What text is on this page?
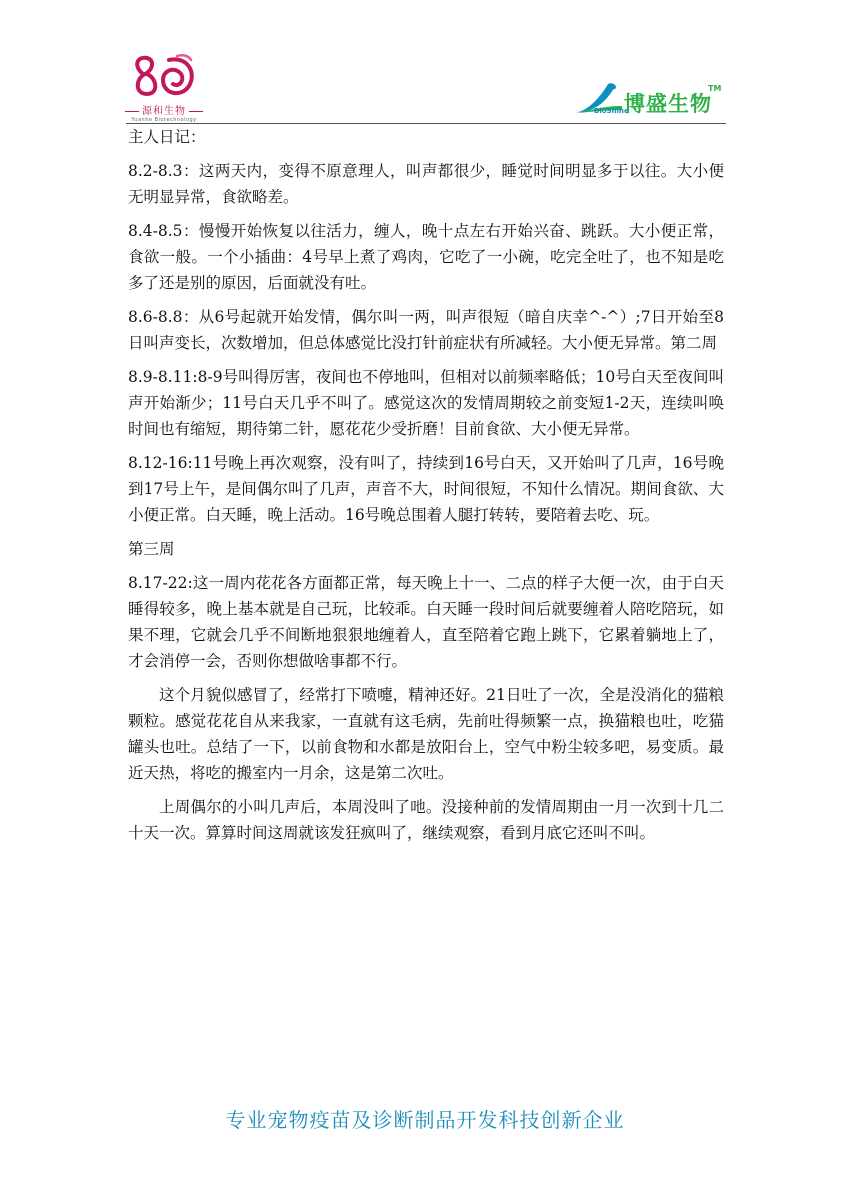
源和生物
Yuanhe Biotechnology
BioShine
博盛生物
TM

主人日记：

8.2-8.3：这两天内，变得不原意理人，叫声都很少，睡觉时间明显多于以往。大小便无明显异常，食欲略差。

8.4-8.5：慢慢开始恢复以往活力，缠人，晚十点左右开始兴奋、跳跃。大小便正常，食欲一般。一个小插曲：4号早上煮了鸡肉，它吃了一小碗，吃完全吐了，也不知是吃多了还是别的原因，后面就没有吐。

8.6-8.8：从6号起就开始发情，偶尔叫一两，叫声很短（暗自庆幸^-^）;7日开始至8日叫声变长，次数增加，但总体感觉比没打针前症状有所减轻。大小便无异常。第二周

8.9-8.11:8-9号叫得厉害，夜间也不停地叫，但相对以前频率略低；10号白天至夜间叫声开始渐少；11号白天几乎不叫了。感觉这次的发情周期较之前变短1-2天，连续叫唤时间也有缩短，期待第二针，愿花花少受折磨！目前食欲、大小便无异常。

8.12-16:11号晚上再次观察，没有叫了，持续到16号白天，又开始叫了几声，16号晚到17号上午，是间偶尔叫了几声，声音不大，时间很短，不知什么情况。期间食欲、大小便正常。白天睡，晚上活动。16号晚总围着人腿打转转，要陪着去吃、玩。

第三周

8.17-22:这一周内花花各方面都正常，每天晚上十一、二点的样子大便一次，由于白天睡得较多，晚上基本就是自己玩，比较乖。白天睡一段时间后就要缠着人陪吃陪玩，如果不理，它就会几乎不间断地狠狠地缠着人，直至陪着它跑上跳下，它累着躺地上了，才会消停一会，否则你想做啥事都不行。

这个月貌似感冒了，经常打下喷嚏，精神还好。21日吐了一次，全是没消化的猫粮颗粒。感觉花花自从来我家，一直就有这毛病，先前吐得频繁一点，换猫粮也吐，吃猫罐头也吐。总结了一下，以前食物和水都是放阳台上，空气中粉尘较多吧，易变质。最近天热，将吃的搬室内一月余，这是第二次吐。

上周偶尔的小叫几声后，本周没叫了吔。没接种前的发情周期由一月一次到十几二十天一次。算算时间这周就该发狂疯叫了，继续观察，看到月底它还叫不叫。

专业宠物疫苗及诊断制品开发科技创新企业
